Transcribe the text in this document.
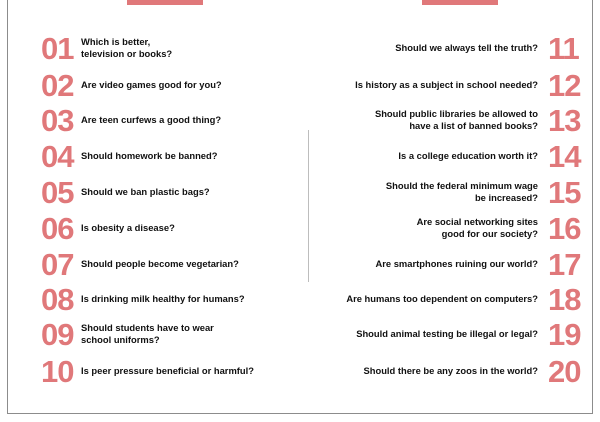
01 Which is better,
television or books?
02 Are video games good for you?
03 Are teen curfews a good thing?
04 Should homework be banned?
05 Should we ban plastic bags?
06 Is obesity a disease?
07 Should people become vegetarian?
08 Is drinking milk healthy for humans?
09 Should students have to wear
school uniforms?
10 Is peer pressure beneficial or harmful?
Should we always tell the truth? 11
Is history as a subject in school needed? 12
Should public libraries be allowed to
have a list of banned books? 13
Is a college education worth it? 14
Should the federal minimum wage
be increased? 15
Are social networking sites
good for our society? 16
Are smartphones ruining our world? 17
Are humans too dependent on computers? 18
Should animal testing be illegal or legal? 19
Should there be any zoos in the world? 20
